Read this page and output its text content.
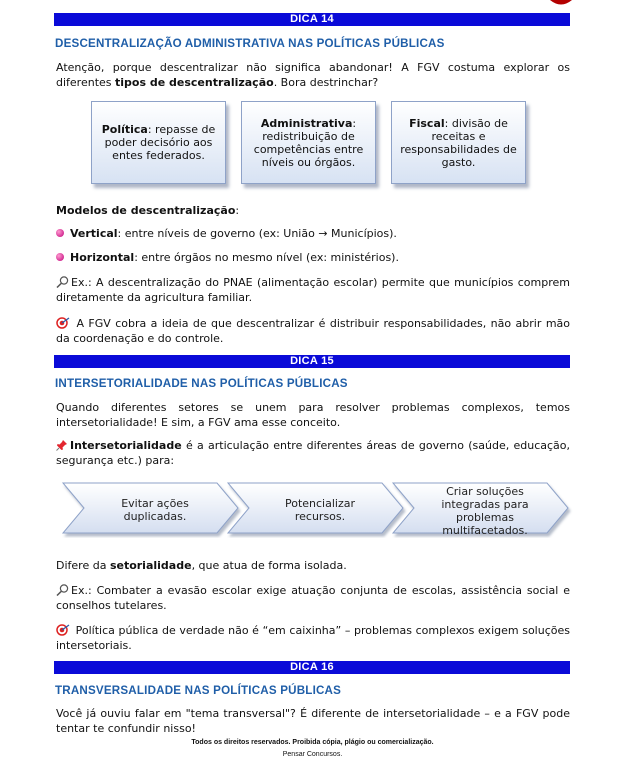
DICA 14
DESCENTRALIZAÇÃO ADMINISTRATIVA NAS POLÍTICAS PÚBLICAS
Atenção, porque descentralizar não significa abandonar! A FGV costuma explorar os
diferentes tipos de descentralização. Bora destrinchar?
Política: repasse de poder decisório aos entes federados.
Administrativa: redistribuição de competências entre níveis ou órgãos.
Fiscal: divisão de receitas e responsabilidades de gasto.
Modelos de descentralização:
Vertical: entre níveis de governo (ex: União → Municípios).
Horizontal: entre órgãos no mesmo nível (ex: ministérios).
Ex.: A descentralização do PNAE (alimentação escolar) permite que municípios comprem
diretamente da agricultura familiar.
A FGV cobra a ideia de que descentralizar é distribuir responsabilidades, não abrir mão
da coordenação e do controle.
DICA 15
INTERSETORIALIDADE NAS POLÍTICAS PÚBLICAS
Quando diferentes setores se unem para resolver problemas complexos, temos
intersetorialidade! E sim, a FGV ama esse conceito.
Intersetorialidade é a articulação entre diferentes áreas de governo (saúde, educação,
segurança etc.) para:
Evitar ações duplicadas.
Potencializar recursos.
Criar soluções integradas para problemas multifacetados.
Difere da setorialidade, que atua de forma isolada.
Ex.: Combater a evasão escolar exige atuação conjunta de escolas, assistência social e
conselhos tutelares.
Política pública de verdade não é “em caixinha” – problemas complexos exigem soluções
intersetoriais.
DICA 16
TRANSVERSALIDADE NAS POLÍTICAS PÚBLICAS
Você já ouviu falar em "tema transversal"? É diferente de intersetorialidade – e a FGV pode
tentar te confundir nisso!
Todos os direitos reservados. Proibida cópia, plágio ou comercialização.
Pensar Concursos.
